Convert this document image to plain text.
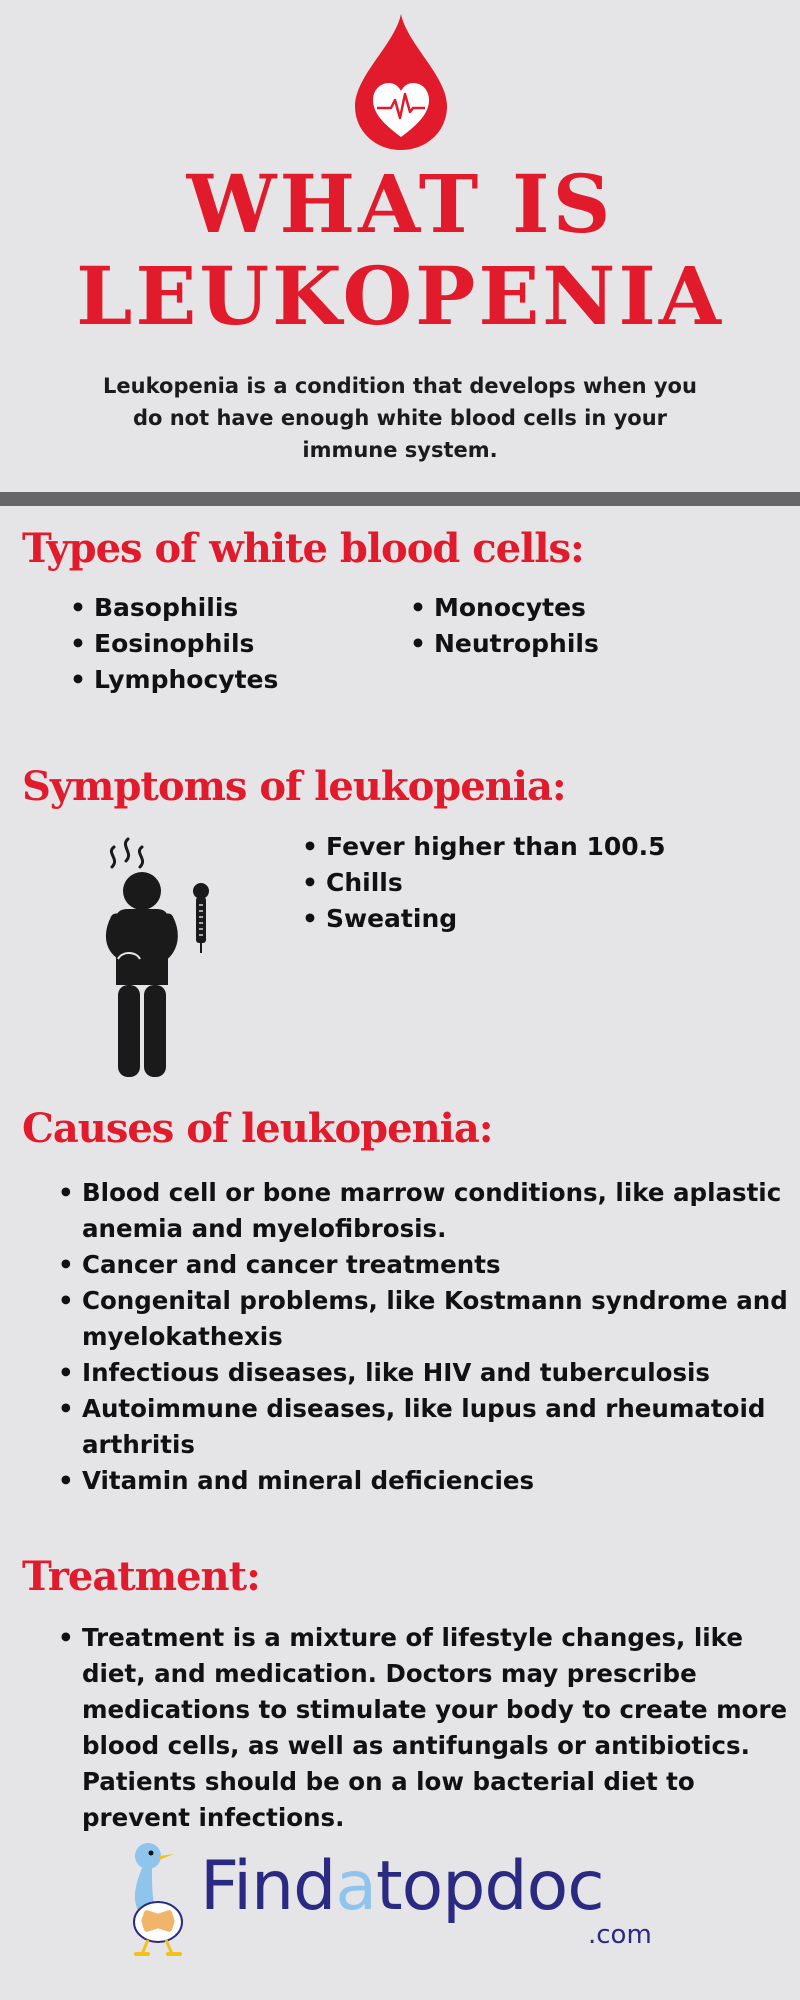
WHAT IS
LEUKOPENIA

Leukopenia is a condition that develops when you do not have enough white blood cells in your immune system.

Types of white blood cells:
• Basophilis
• Eosinophils
• Lymphocytes
• Monocytes
• Neutrophils
Symptoms of leukopenia:
• Fever higher than 100.5
• Chills
• Sweating
Causes of leukopenia:
• Blood cell or bone marrow conditions, like aplastic anemia and myelofibrosis.
• Cancer and cancer treatments
• Congenital problems, like Kostmann syndrome and myelokathexis
• Infectious diseases, like HIV and tuberculosis
• Autoimmune diseases, like lupus and rheumatoid arthritis
• Vitamin and mineral deficiencies
Treatment:
• Treatment is a mixture of lifestyle changes, like diet, and medication. Doctors may prescribe medications to stimulate your body to create more blood cells, as well as antifungals or antibiotics. Patients should be on a low bacterial diet to prevent infections.
Findatopdoc
.com
